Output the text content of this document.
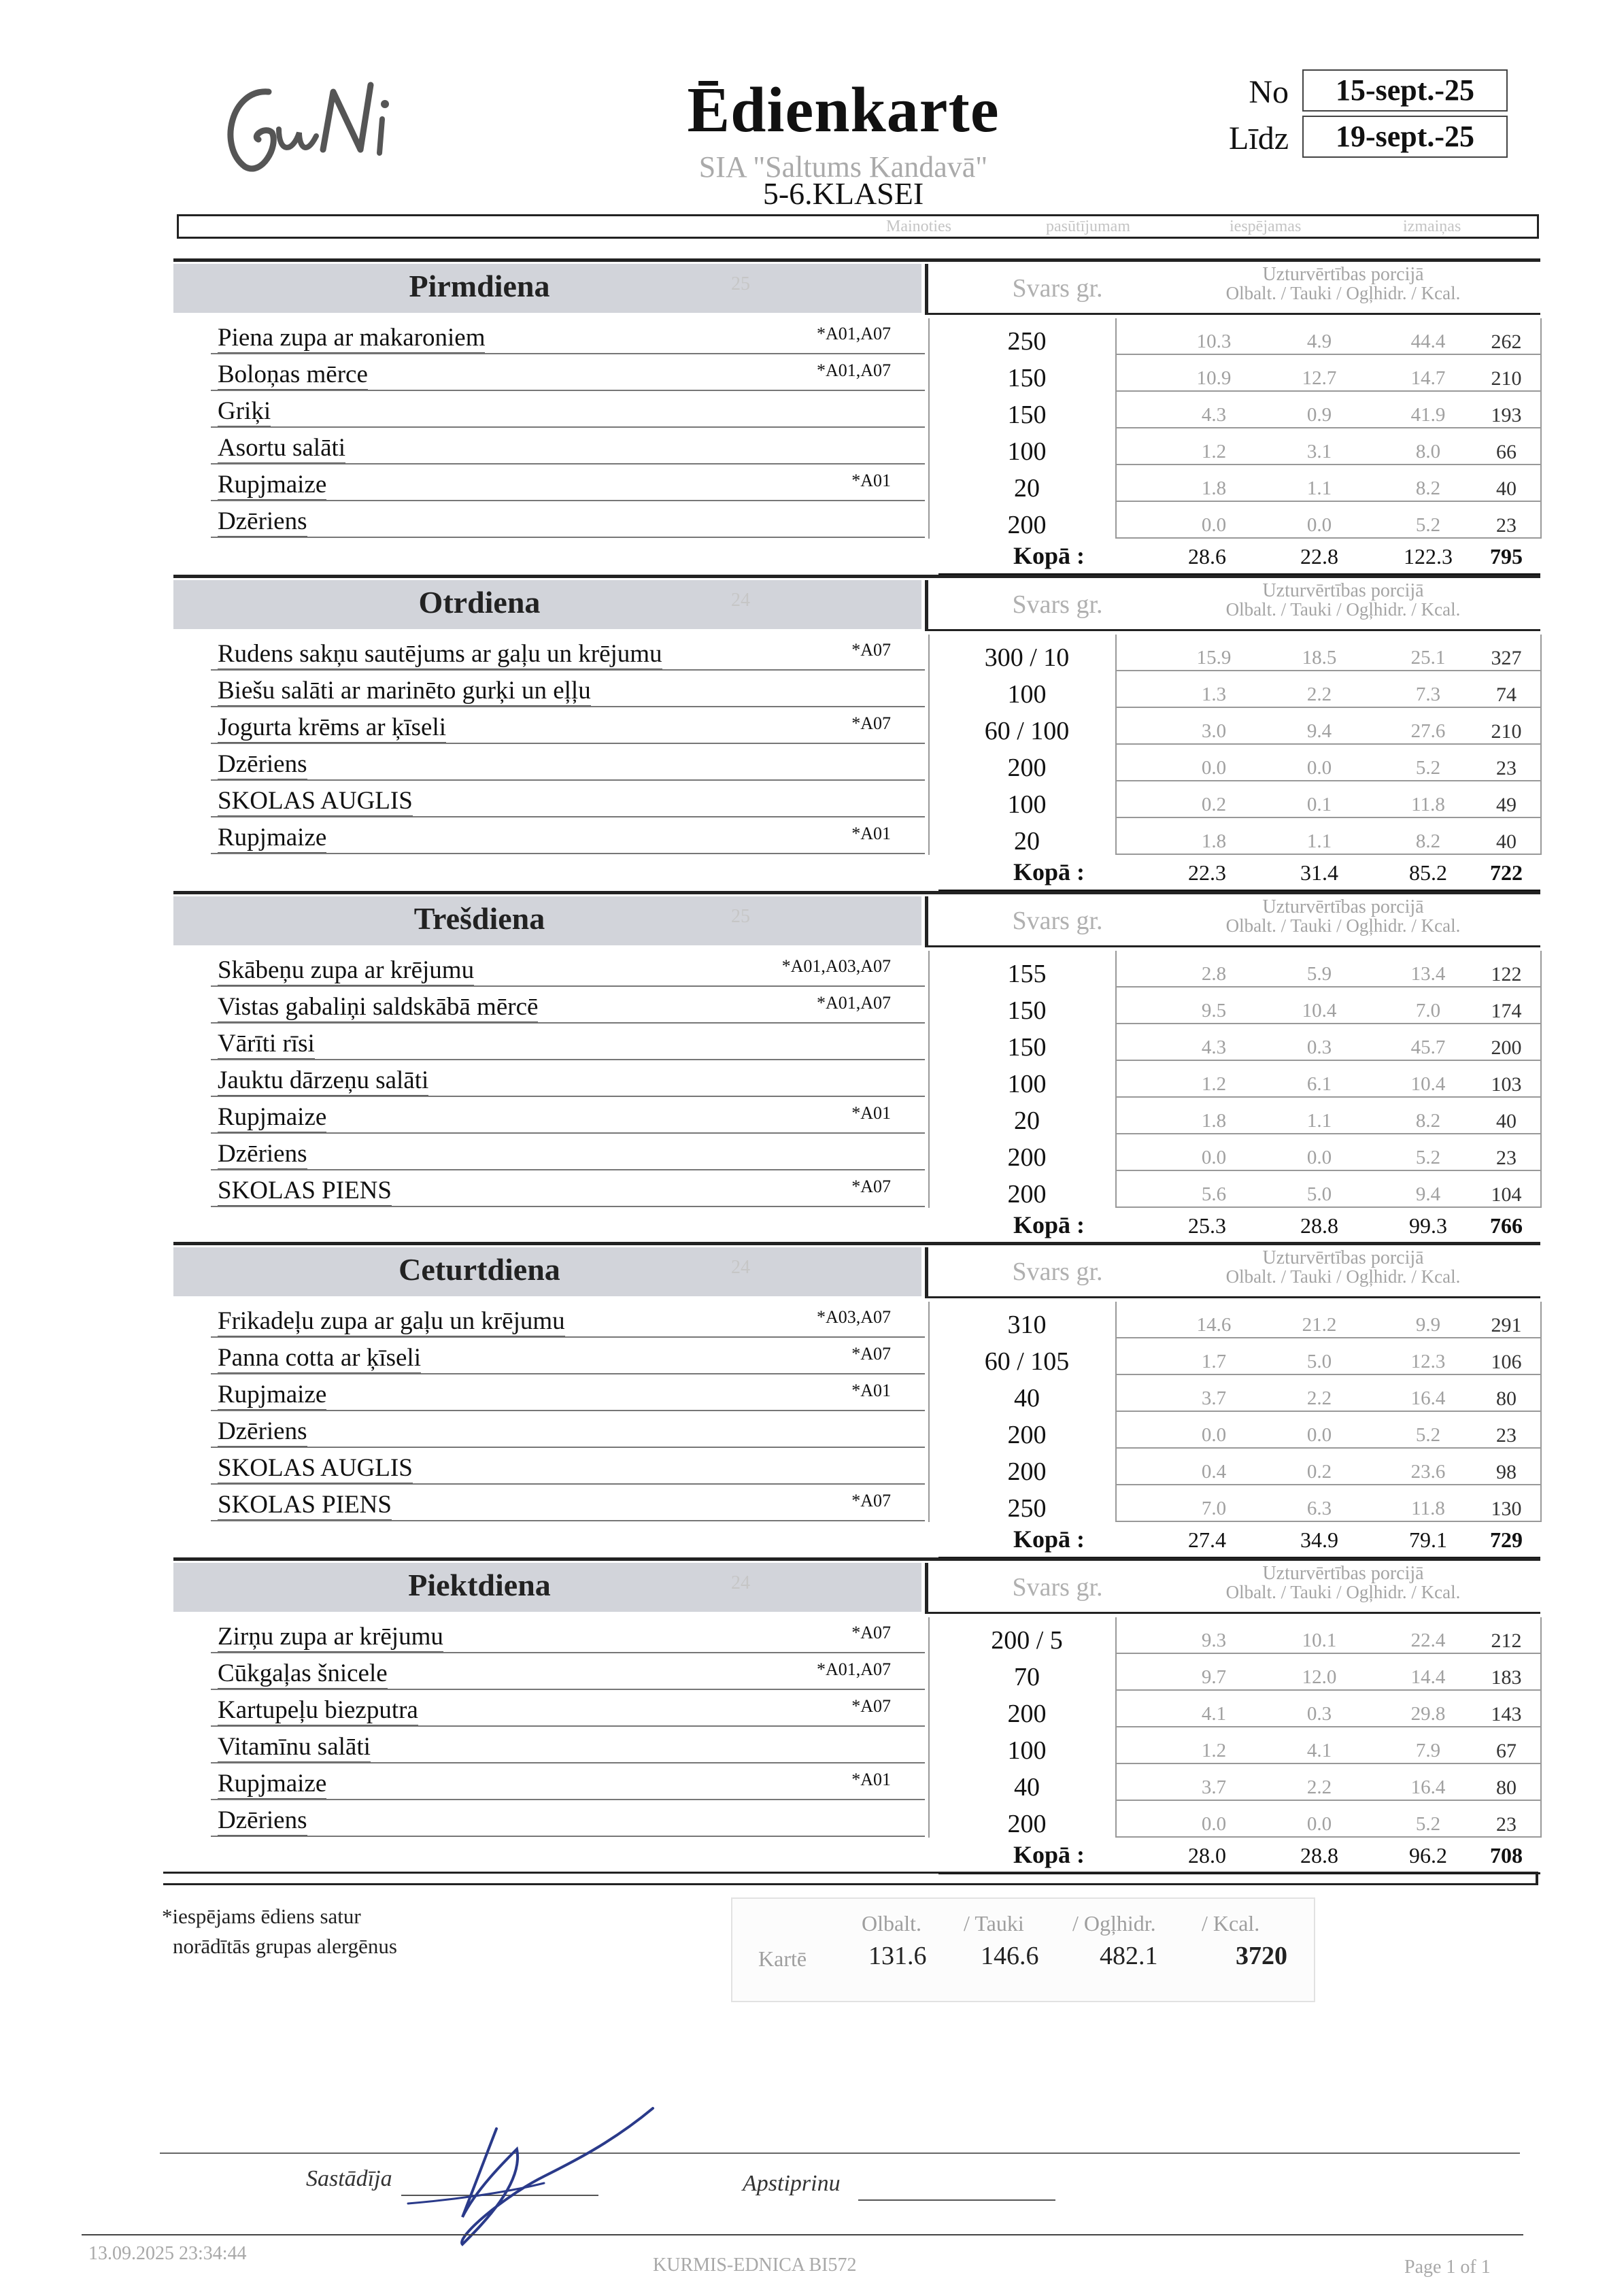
Ēdienkarte
SIA "Saltums Kandavā"
5-6.KLASEI
No	15-sept.-25
Līdz	19-sept.-25
Mainoties	pasūtījumam	iespējamas	izmaiņas
Pirmdiena	25	Svars gr.	Uzturvērtības porcijā
Olbalt. / Tauki / Ogļhidr. / Kcal.
Piena zupa ar makaroniem	*A01,A07	250	10.3	4.9	44.4	262
Boloņas mērce	*A01,A07	150	10.9	12.7	14.7	210
Griķi	150	4.3	0.9	41.9	193
Asortu salāti	100	1.2	3.1	8.0	66
Rupjmaize	*A01	20	1.8	1.1	8.2	40
Dzēriens	200	0.0	0.0	5.2	23
Kopā :	28.6	22.8	122.3	795
Otrdiena	24	Svars gr.	Uzturvērtības porcijā
Olbalt. / Tauki / Ogļhidr. / Kcal.
Rudens sakņu sautējums ar gaļu un krējumu	*A07	300 / 10	15.9	18.5	25.1	327
Biešu salāti ar marinēto gurķi un eļļu	100	1.3	2.2	7.3	74
Jogurta krēms ar ķīseli	*A07	60 / 100	3.0	9.4	27.6	210
Dzēriens	200	0.0	0.0	5.2	23
SKOLAS AUGLIS	100	0.2	0.1	11.8	49
Rupjmaize	*A01	20	1.8	1.1	8.2	40
Kopā :	22.3	31.4	85.2	722
Trešdiena	25	Svars gr.	Uzturvērtības porcijā
Olbalt. / Tauki / Ogļhidr. / Kcal.
Skābeņu zupa ar krējumu	*A01,A03,A07	155	2.8	5.9	13.4	122
Vistas gabaliņi saldskābā mērcē	*A01,A07	150	9.5	10.4	7.0	174
Vārīti rīsi	150	4.3	0.3	45.7	200
Jauktu dārzeņu salāti	100	1.2	6.1	10.4	103
Rupjmaize	*A01	20	1.8	1.1	8.2	40
Dzēriens	200	0.0	0.0	5.2	23
SKOLAS PIENS	*A07	200	5.6	5.0	9.4	104
Kopā :	25.3	28.8	99.3	766
Ceturtdiena	24	Svars gr.	Uzturvērtības porcijā
Olbalt. / Tauki / Ogļhidr. / Kcal.
Frikadeļu zupa ar gaļu un krējumu	*A03,A07	310	14.6	21.2	9.9	291
Panna cotta ar ķīseli	*A07	60 / 105	1.7	5.0	12.3	106
Rupjmaize	*A01	40	3.7	2.2	16.4	80
Dzēriens	200	0.0	0.0	5.2	23
SKOLAS AUGLIS	200	0.4	0.2	23.6	98
SKOLAS PIENS	*A07	250	7.0	6.3	11.8	130
Kopā :	27.4	34.9	79.1	729
Piektdiena	24	Svars gr.	Uzturvērtības porcijā
Olbalt. / Tauki / Ogļhidr. / Kcal.
Zirņu zupa ar krējumu	*A07	200 / 5	9.3	10.1	22.4	212
Cūkgaļas šnicele	*A01,A07	70	9.7	12.0	14.4	183
Kartupeļu biezputra	*A07	200	4.1	0.3	29.8	143
Vitamīnu salāti	100	1.2	4.1	7.9	67
Rupjmaize	*A01	40	3.7	2.2	16.4	80
Dzēriens	200	0.0	0.0	5.2	23
Kopā :	28.0	28.8	96.2	708
*iespējams ēdiens satur
norādītās grupas alergēnus
Olbalt. / Tauki / Ogļhidr. / Kcal.
Kartē 131.6 146.6 482.1	3720
Sastādīja	Apstiprinu
13.09.2025 23:34:44
KURMIS-EDNICA BI572	Page 1 of 1
